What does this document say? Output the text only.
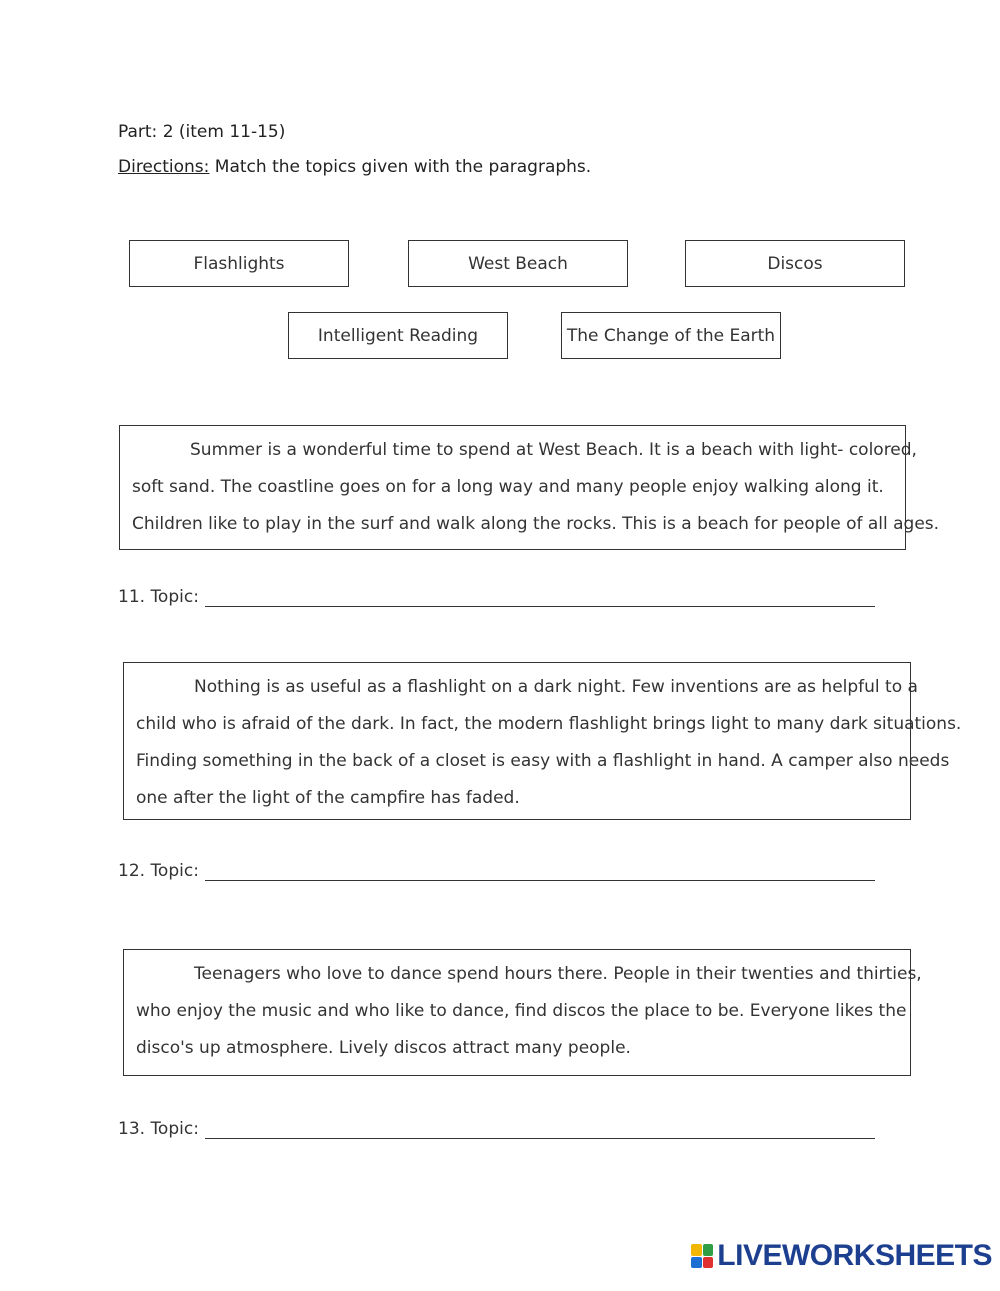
Part: 2 (item 11-15)
Directions: Match the topics given with the paragraphs.
Flashlights	West Beach	Discos
Intelligent Reading	The Change of the Earth
Summer is a wonderful time to spend at West Beach. It is a beach with light- colored,
soft sand. The coastline goes on for a long way and many people enjoy walking along it.
Children like to play in the surf and walk along the rocks. This is a beach for people of all ages.
11. Topic:
Nothing is as useful as a flashlight on a dark night. Few inventions are as helpful to a
child who is afraid of the dark. In fact, the modern flashlight brings light to many dark situations.
Finding something in the back of a closet is easy with a flashlight in hand. A camper also needs
one after the light of the campfire has faded.
12. Topic:
Teenagers who love to dance spend hours there. People in their twenties and thirties,
who enjoy the music and who like to dance, find discos the place to be. Everyone likes the
disco's up atmosphere. Lively discos attract many people.
13. Topic:
LIVEWORKSHEETS
